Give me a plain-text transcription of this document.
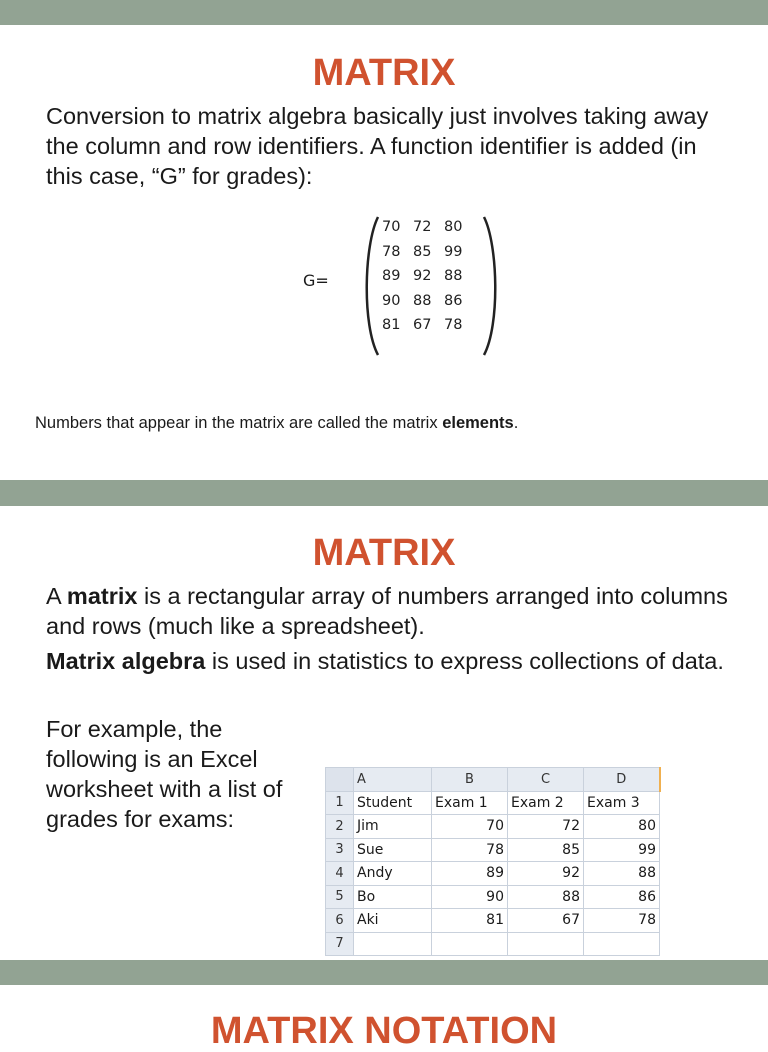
MATRIX
Conversion to matrix algebra basically just involves taking away the column and row identifiers. A function identifier is added (in this case, “G” for grades):
G=
70 72 80
78 85 99
89 92 88
90 88 86
81 67 78
Numbers that appear in the matrix are called the matrix elements.
MATRIX
A matrix is a rectangular array of numbers arranged into columns and rows (much like a spreadsheet).
Matrix algebra is used in statistics to express collections of data.
For example, the following is an Excel worksheet with a list of grades for exams:
	A	B	C	D
1	Student	Exam 1	Exam 2	Exam 3
2	Jim	70	72	80
3	Sue	78	85	99
4	Andy	89	92	88
5	Bo	90	88	86
6	Aki	81	67	78
7				
MATRIX NOTATION
